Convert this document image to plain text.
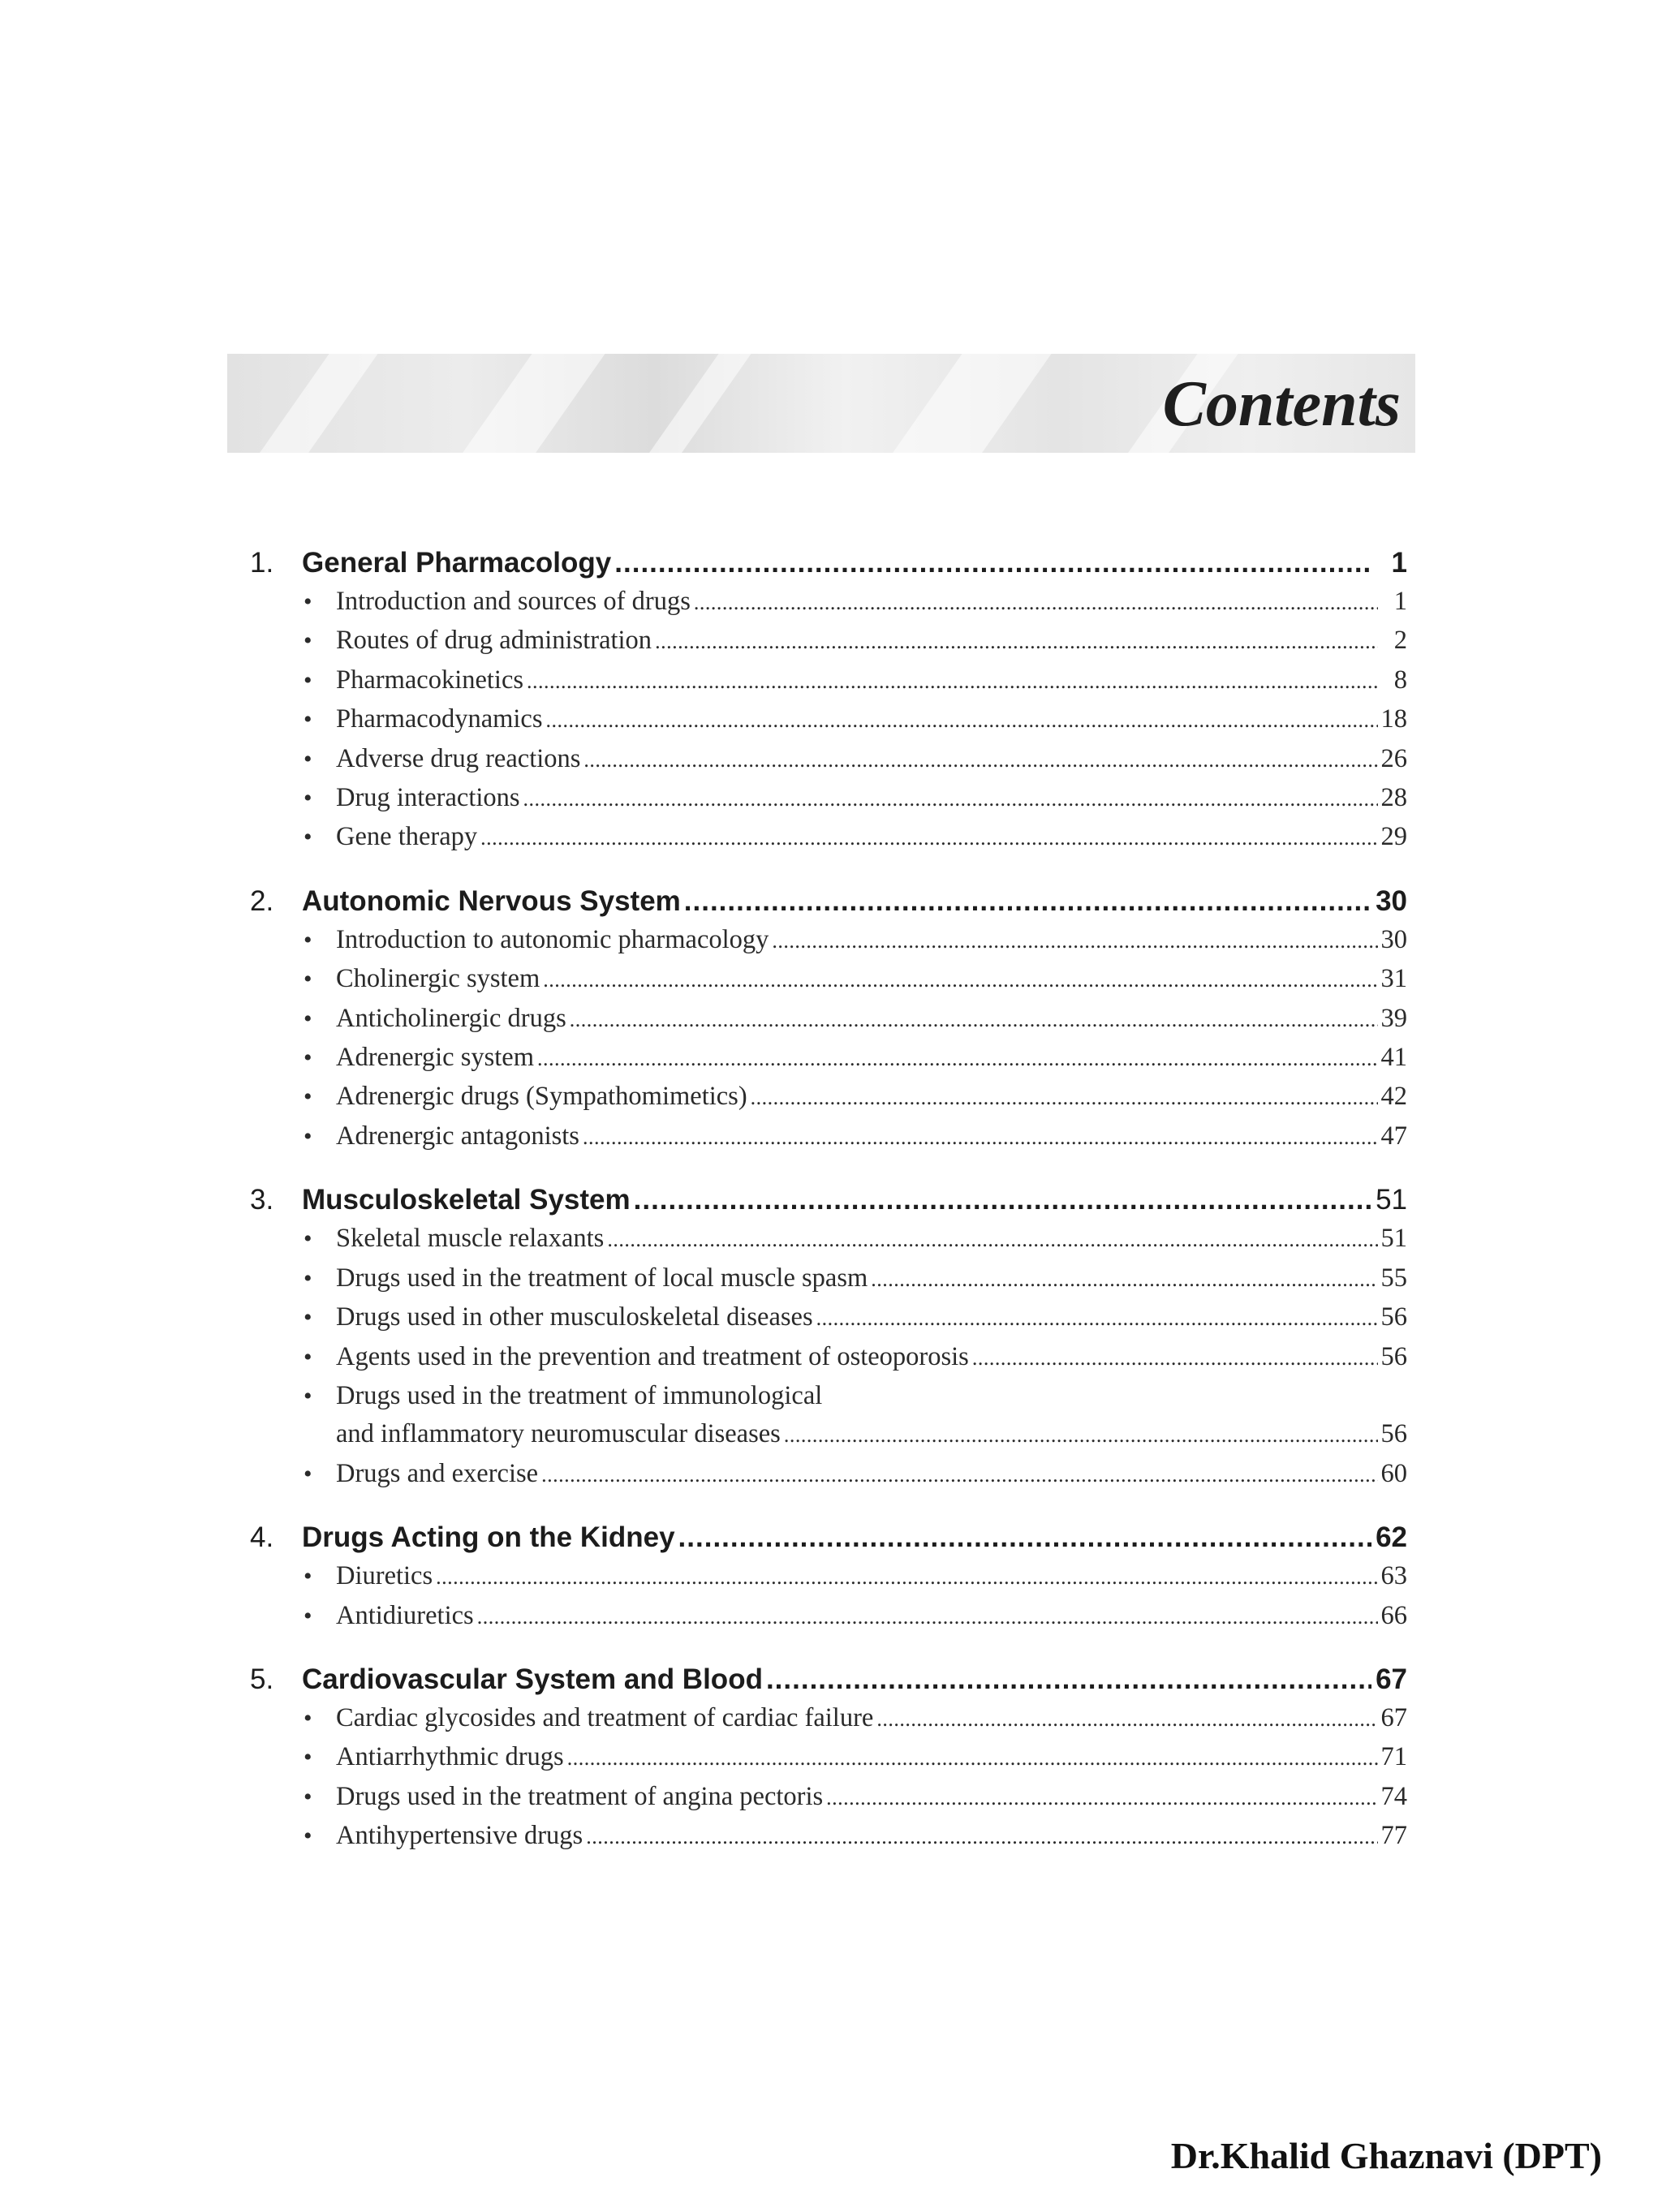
Contents
1. General Pharmacology .....	1
• Introduction and sources of drugs .....	1
• Routes of drug administration .....	2
• Pharmacokinetics .....	8
• Pharmacodynamics .....	18
• Adverse drug reactions .....	26
• Drug interactions .....	28
• Gene therapy .....	29
2. Autonomic Nervous System .....	30
• Introduction to autonomic pharmacology .....	30
• Cholinergic system .....	31
• Anticholinergic drugs .....	39
• Adrenergic system .....	41
• Adrenergic drugs (Sympathomimetics) .....	42
• Adrenergic antagonists .....	47
3. Musculoskeletal System .....	51
• Skeletal muscle relaxants .....	51
• Drugs used in the treatment of local muscle spasm .....	55
• Drugs used in other musculoskeletal diseases .....	56
• Agents used in the prevention and treatment of osteoporosis .....	56
• Drugs used in the treatment of immunological
and inflammatory neuromuscular diseases .....	56
• Drugs and exercise .....	60
4. Drugs Acting on the Kidney .....	62
• Diuretics .....	63
• Antidiuretics .....	66
5. Cardiovascular System and Blood .....	67
• Cardiac glycosides and treatment of cardiac failure .....	67
• Antiarrhythmic drugs .....	71
• Drugs used in the treatment of angina pectoris .....	74
• Antihypertensive drugs .....	77
Dr.Khalid Ghaznavi (DPT)
